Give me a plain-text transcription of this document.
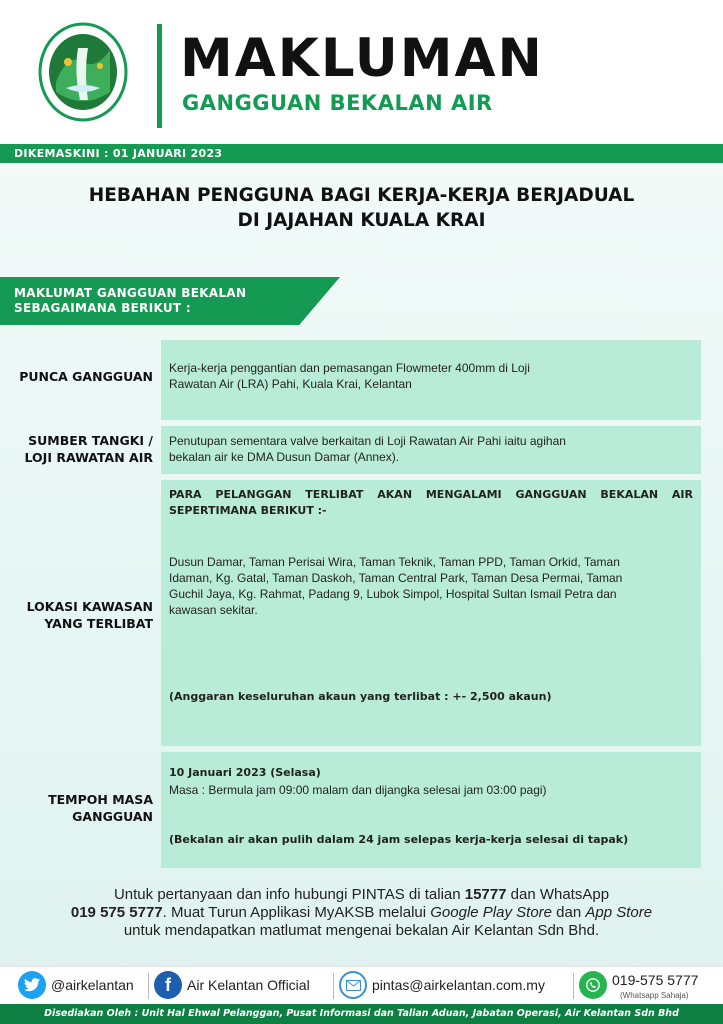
MAKLUMAN
GANGGUAN BEKALAN AIR
DIKEMASKINI : 01 JANUARI 2023
HEBAHAN PENGGUNA BAGI KERJA-KERJA BERJADUAL
DI JAJAHAN KUALA KRAI
MAKLUMAT GANGGUAN BEKALAN
SEBAGAIMANA BERIKUT :
PUNCA GANGGUAN
Kerja-kerja penggantian dan pemasangan Flowmeter 400mm di Loji
Rawatan Air (LRA) Pahi, Kuala Krai, Kelantan
SUMBER TANGKI /
LOJI RAWATAN AIR
Penutupan sementara valve berkaitan di Loji Rawatan Air Pahi iaitu agihan
bekalan air ke DMA Dusun Damar (Annex).
LOKASI KAWASAN
YANG TERLIBAT
PARA PELANGGAN TERLIBAT AKAN MENGALAMI GANGGUAN BEKALAN AIR
SEPERTIMANA BERIKUT :-
Dusun Damar, Taman Perisai Wira, Taman Teknik, Taman PPD, Taman Orkid, Taman
Idaman, Kg. Gatal, Taman Daskoh, Taman Central Park, Taman Desa Permai, Taman
Guchil Jaya, Kg. Rahmat, Padang 9, Lubok Simpol, Hospital Sultan Ismail Petra dan
kawasan sekitar.
(Anggaran keseluruhan akaun yang terlibat : +- 2,500 akaun)
TEMPOH MASA
GANGGUAN
10 Januari 2023 (Selasa)
Masa : Bermula jam 09:00 malam dan dijangka selesai jam 03:00 pagi)
(Bekalan air akan pulih dalam 24 jam selepas kerja-kerja selesai di tapak)
Untuk pertanyaan dan info hubungi PINTAS di talian 15777 dan WhatsApp
019 575 5777. Muat Turun Applikasi MyAKSB melalui Google Play Store dan App Store
untuk mendapatkan matlumat mengenai bekalan Air Kelantan Sdn Bhd.
@airkelantan f Air Kelantan Official	pintas@airkelantan.com.my	019-575 5777
(Whatsapp Sahaja)
Disediakan Oleh : Unit Hal Ehwal Pelanggan, Pusat Informasi dan Talian Aduan, Jabatan Operasi, Air Kelantan Sdn Bhd
